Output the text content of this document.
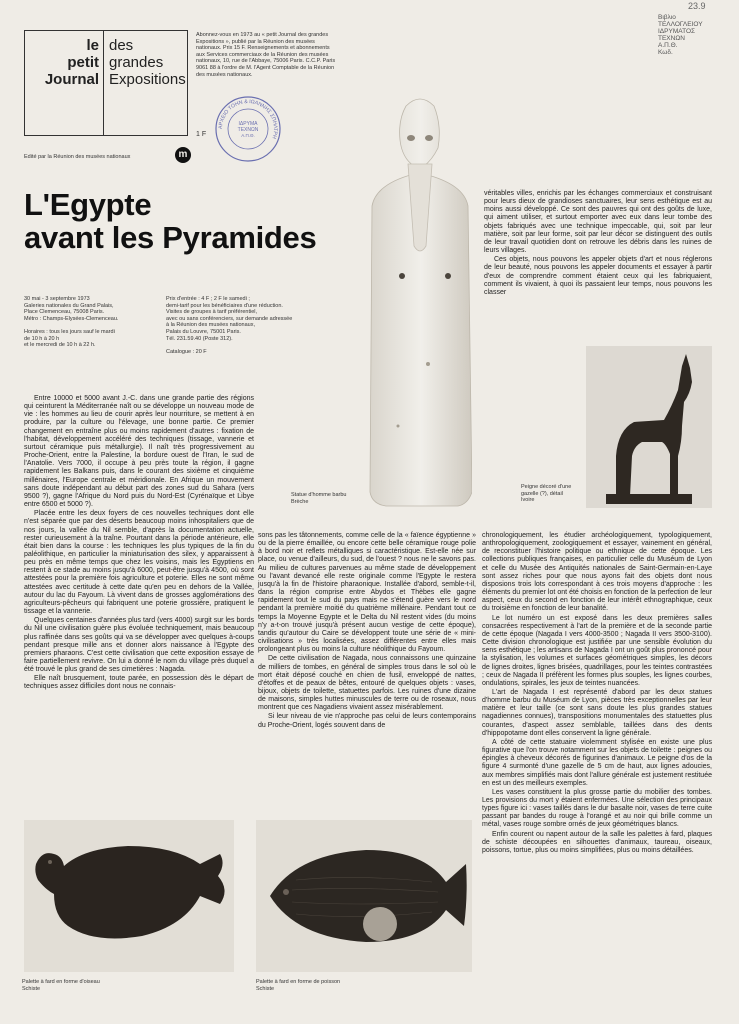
le
petit
Journal
des
grandes
Expositions
Abonnez-vous en 1973 au « petit Journal des grandes Expositions », publié par la Réunion des musées nationaux. Prix 15 F. Renseignements et abonnements aux Services commerciaux de la Réunion des musées nationaux, 10, rue de l'Abbaye, 75006 Paris. C.C.P. Paris 9061 88 à l'ordre de M. l'Agent Comptable de la Réunion des musées nationaux.
1 F
Edité par la Réunion des musées nationaux	m
ΑΡΧΕΙΟ ΤΟΗΝ & ΙΩΑΝΝΗΣ ΣΠΗΛΤΡΗ
ΙΔΡΥΜΑ
ΤΕΧΝΩΝ
Α.Π.Θ.
23.9
Βιβλιο
ΤΕΛΛΟΓΛΕΙΟΥ
ΙΔΡΥΜΑΤΟΣ
ΤΕΧΝΩΝ
Α.Π.Θ.
Κωδ.
L'Egypte
avant les Pyramides
30 mai - 3 septembre 1973
Galeries nationales du Grand Palais,
Place Clemenceau, 75008 Paris.
Métro : Champs-Elysées-Clemenceau.

Horaires : tous les jours sauf le mardi
de 10 h à 20 h
et le mercredi de 10 h à 22 h.
Prix d'entrée : 4 F ; 2 F le samedi ;
demi-tarif pour les bénéficiaires d'une réduction.
Visites de groupes à tarif préférentiel,
avec ou sans conférenciers, sur demande adressée
à la Réunion des musées nationaux,
Palais du Louvre, 75001 Paris.
Tél. 231.59.40 (Poste 312).

Catalogue : 20 F
Statue d'homme barbu
Brèche
Peigne décoré d'une
gazelle (?), détail
Ivoire

véritables villes, enrichis par les échanges commerciaux et construisant pour leurs dieux de grandioses sanctuaires, leur sens esthétique est au moins aussi développé. Ce sont des pauvres qui ont des goûts de luxe, qui aiment utiliser, et surtout emporter avec eux dans leur tombe des objets fabriqués avec une technique impeccable, qui, soit par leur matière, soit par leur forme, soit par leur décor se distinguent des outils de leur travail quotidien dont on retrouve les débris dans les ruines de leurs villages.

Ces objets, nous pouvons les appeler objets d'art et nous réglerons de leur beauté, nous pouvons les appeler documents et essayer à partir d'eux de comprendre comment étaient ceux qui les fabriquaient, comment ils vivaient, à quoi ils passaient leur temps, nous pouvons les classer

Entre 10000 et 5000 avant J.-C. dans une grande partie des régions qui ceinturent la Méditerranée naît ou se développe un nouveau mode de vie : les hommes au lieu de courir après leur nourriture, se mettent à en produire, par la culture ou l'élevage, une bonne partie. Ce premier changement en entraîne plus ou moins rapidement d'autres : fixation de l'habitat, développement accéléré des techniques (tissage, vannerie et surtout céramique puis métallurgie). Il naît très progressivement au Proche-Orient, entre la Palestine, la bordure ouest de l'Iran, le sud de l'Anatolie. Vers 7000, il occupe à peu près toute la région, il gagne rapidement les Balkans puis, dans le courant des sixième et cinquième millénaires, l'Europe centrale et méridionale. En Afrique un mouvement sans doute indépendant au début part des zones sud du Sahara (vers 9500 ?), gagne l'Afrique du Nord puis du Nord-Est (Cyrénaïque et Libye entre 6500 et 5000 ?).

Placée entre les deux foyers de ces nouvelles techniques dont elle n'est séparée que par des déserts beaucoup moins inhospitaliers que de nos jours, la vallée du Nil semble, d'après la documentation actuelle, rester curieusement à la traîne. Pourtant dans la période antérieure, elle était bien dans la course : les techniques les plus typiques de la fin du paléolithique, en particulier la miniaturisation des silex, y apparaissent à peu près en même temps que chez les voisins, mais les Egyptiens en restent à ce stade au moins jusqu'à 6000, peut-être jusqu'à 4500, où sont attestées pour la première fois agriculture et poterie. Elles ne sont même attestées avec certitude à cette date qu'en peu en dehors de la Vallée, autour du lac du Fayoum. Là vivent dans de grosses agglomérations des agriculteurs-pêcheurs qui fabriquent une poterie grossière, pratiquent le tissage et la vannerie.

Quelques centaines d'années plus tard (vers 4000) surgit sur les bords du Nil une civilisation guère plus évoluée techniquement, mais beaucoup plus raffinée dans ses goûts qui va se développer avec quelques à-coups pendant presque mille ans et donner alors naissance à l'Egypte des premiers pharaons. C'est cette civilisation que cette exposition essaye de faire partiellement revivre. On lui a donné le nom du village près duquel a été trouvé le plus grand de ses cimetières : Nagada.

Elle naît brusquement, toute parée, en possession dès le départ de techniques assez difficiles dont nous ne connais-

sons pas les tâtonnements, comme celle de la « faïence égyptienne » ou de la pierre émaillée, ou encore cette belle céramique rouge polie à bord noir et reflets métalliques si caractéristique. Est-elle née sur place, ou venue d'ailleurs, du sud, de l'ouest ? nous ne le savons pas. Au milieu de cultures parvenues au même stade de développement ou l'avant devancé elle reste originale comme l'Egypte le restera jusqu'à la fin de l'histoire pharaonique. Installée d'abord, semble-t-il, dans la région comprise entre Abydos et Thèbes elle gagne rapidement tout le sud du pays mais ne s'étend guère vers le nord pendant la première moitié du quatrième millénaire. Pendant tout ce temps la Moyenne Egypte et le Delta du Nil restent vides (du moins n'y a-t-on trouvé jusqu'à présent aucun vestige de cette époque), tandis qu'autour du Caire se développent toute une série de « mini-civilisations » très localisées, assez différentes entre elles mais prolongeant plus ou moins la culture néolithique du Fayoum.

De cette civilisation de Nagada, nous connaissons une quinzaine de milliers de tombes, en général de simples trous dans le sol où le mort était déposé couché en chien de fusil, enveloppé de nattes, d'étoffes et de peaux de bêtes, entouré de quelques objets : vases, bijoux, objets de toilette, statuettes parfois. Les ruines d'une dizaine de maisons, simples huttes minuscules de terre ou de roseaux, nous montrent que ces Nagadiens vivaient assez misérablement.

Si leur niveau de vie n'approche pas celui de leurs contemporains du Proche-Orient, logés souvent dans de

chronologiquement, les étudier archéologiquement, typologiquement, anthropologiquement, zoologiquement et essayer, vainement en général, de reconstituer l'histoire politique ou ethnique de cette époque. Les collections publiques françaises, en particulier celle du Muséum de Lyon et celle du Musée des Antiquités nationales de Saint-Germain-en-Laye sont assez riches pour que nous ayons fait des objets dont nous disposions trois lots correspondant à ces trois moyens d'approche : les éléments du premier lot ont été choisis en fonction de la perfection de leur aspect, ceux du second en fonction de leur intérêt ethnographique, ceux du troisième en fonction de leur banalité.

Le lot numéro un est exposé dans les deux premières salles consacrées respectivement à l'art de la première et de la seconde partie de cette époque (Nagada I vers 4000-3500 ; Nagada II vers 3500-3100). Cette division chronologique est justifiée par une sensible évolution du sens esthétique ; les artisans de Nagada I ont un goût plus prononcé pour la stylisation, les volumes et surfaces géométriques simples, les décors de lignes droites, lignes brisées, quadrillages, pour les teintes contrastées ; ceux de Nagada II préfèrent les formes plus souples, les lignes courbes, ondulations, spirales, les jeux de teintes nuancées.

L'art de Nagada I est représenté d'abord par les deux statues d'homme barbu du Muséum de Lyon, pièces très exceptionnelles par leur matière et leur taille (ce sont sans doute les plus grandes statues nagadiennes connues), transpositions monumentales des statuettes plus courantes, d'aspect assez semblable, taillées dans des dents d'hippopotame dont elles conservent la ligne générale.

A côté de cette statuaire violemment stylisée en existe une plus figurative que l'on trouve notamment sur les objets de toilette : peignes ou épingles à cheveux décorés de figurines d'animaux. Le peigne d'os de la figure 4 surmonté d'une gazelle de 5 cm de haut, aux lignes adoucies, aux membres simplifiés mais dont l'allure générale est justement restituée en est un des meilleurs exemples.

Les vases constituent la plus grosse partie du mobilier des tombes. Les provisions du mort y étaient enfermées. Une sélection des principaux types figure ici : vases taillés dans le dur basalte noir, vases de terre cuite passant par bandes du rouge à l'orangé et au noir qui brille comme un métal, vases rouge sombre ornés de jeux géométriques blancs.

Enfin courent ou napent autour de la salle les palettes à fard, plaques de schiste découpées en silhouettes d'animaux, taureau, oiseaux, poissons, tortue, plus ou moins simplifiées, plus ou moins détaillées.

Palette à fard en forme d'oiseau
Schiste
Palette à fard en forme de poisson
Schiste
